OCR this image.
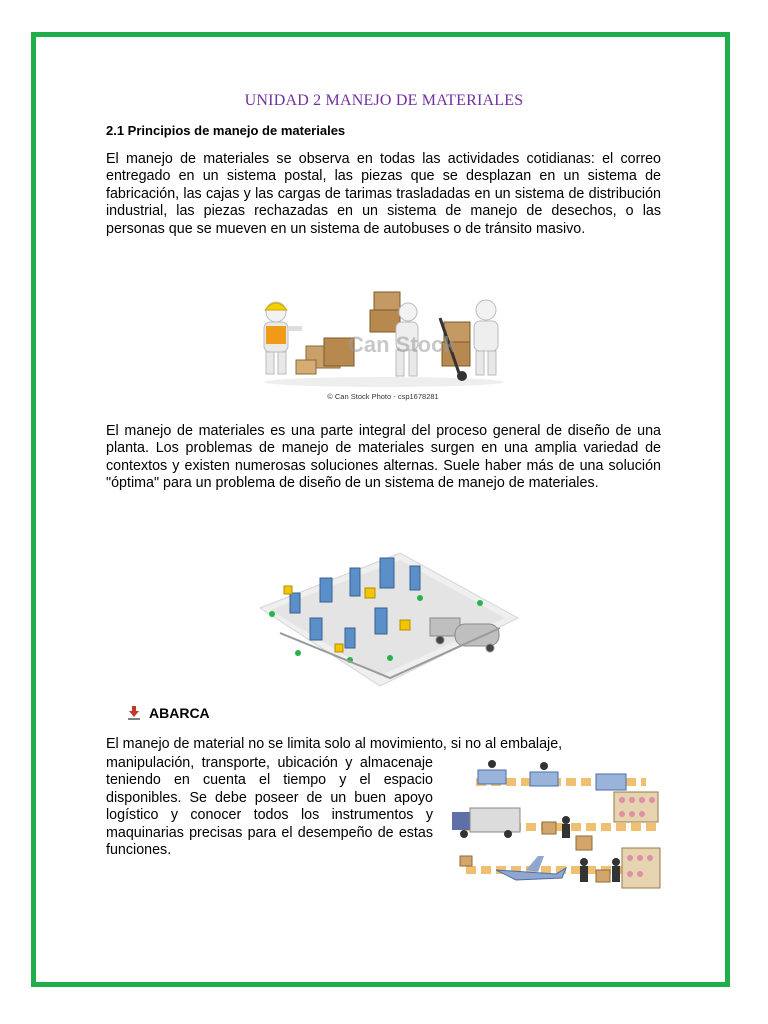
UNIDAD 2 MANEJO DE MATERIALES
2.1 Principios de manejo de materiales

El manejo de materiales se observa en todas las actividades cotidianas: el correo entregado en un sistema postal, las piezas que se desplazan en un sistema de fabricación, las cajas y las cargas de tarimas trasladadas en un sistema de distribución industrial, las piezas rechazadas en un sistema de manejo de desechos, o las personas que se mueven en un sistema de autobuses o de tránsito masivo.

Can Stock
© Can Stock Photo - csp1678281

El manejo de materiales es una parte integral del proceso general de diseño de una planta. Los problemas de manejo de materiales surgen en una amplia variedad de contextos y existen numerosas soluciones alternas. Suele haber más de una solución "óptima" para un problema de diseño de un sistema de manejo de materiales.

ABARCA

El manejo de material no se limita solo al movimiento, si no al embalaje,

manipulación, transporte, ubicación y almacenaje teniendo en cuenta el tiempo y el espacio disponibles. Se debe poseer de un buen apoyo logístico y conocer todos los instrumentos y maquinarias precisas para el desempeño de estas funciones.
